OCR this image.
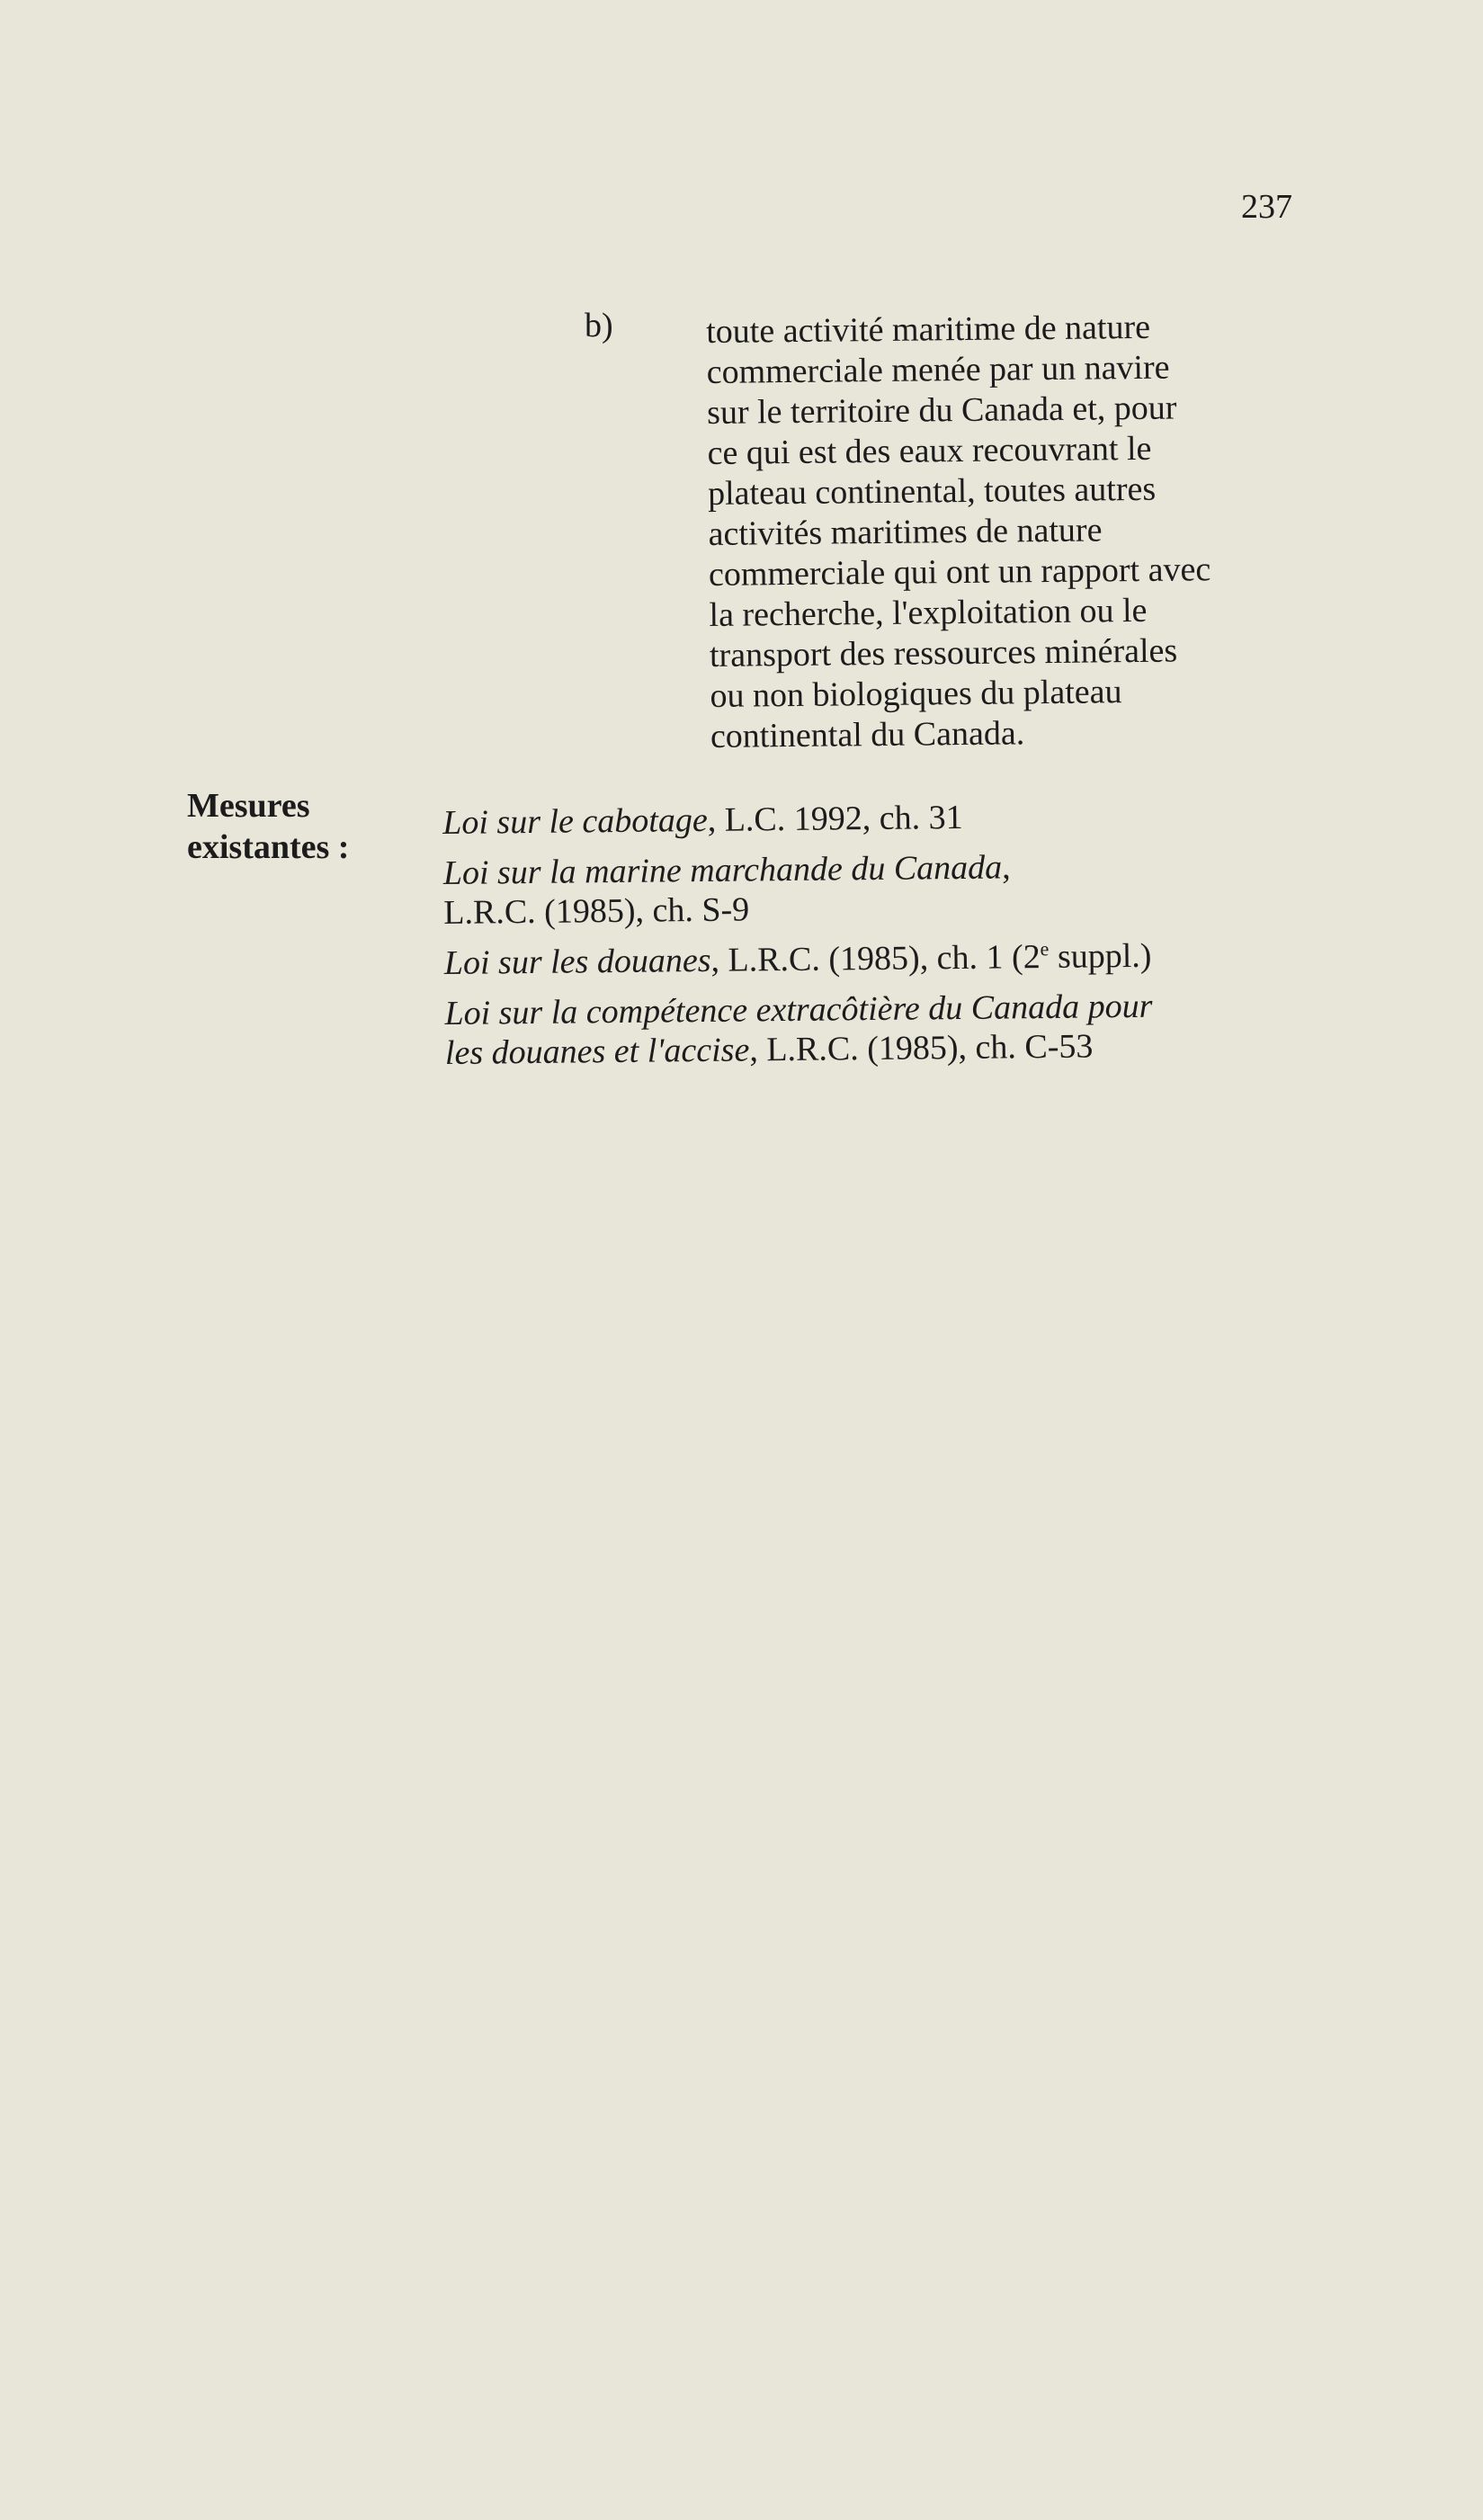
237
b)	toute activité maritime de nature
commerciale menée par un navire
sur le territoire du Canada et, pour
ce qui est des eaux recouvrant le
plateau continental, toutes autres
activités maritimes de nature
commerciale qui ont un rapport avec
la recherche, l'exploitation ou le
transport des ressources minérales
ou non biologiques du plateau
continental du Canada.
Mesures
existantes :
Loi sur le cabotage, L.C. 1992, ch. 31
Loi sur la marine marchande du Canada,
L.R.C. (1985), ch. S-9
Loi sur les douanes, L.R.C. (1985), ch. 1 (2e suppl.)
Loi sur la compétence extracôtière du Canada pour
les douanes et l'accise, L.R.C. (1985), ch. C-53
